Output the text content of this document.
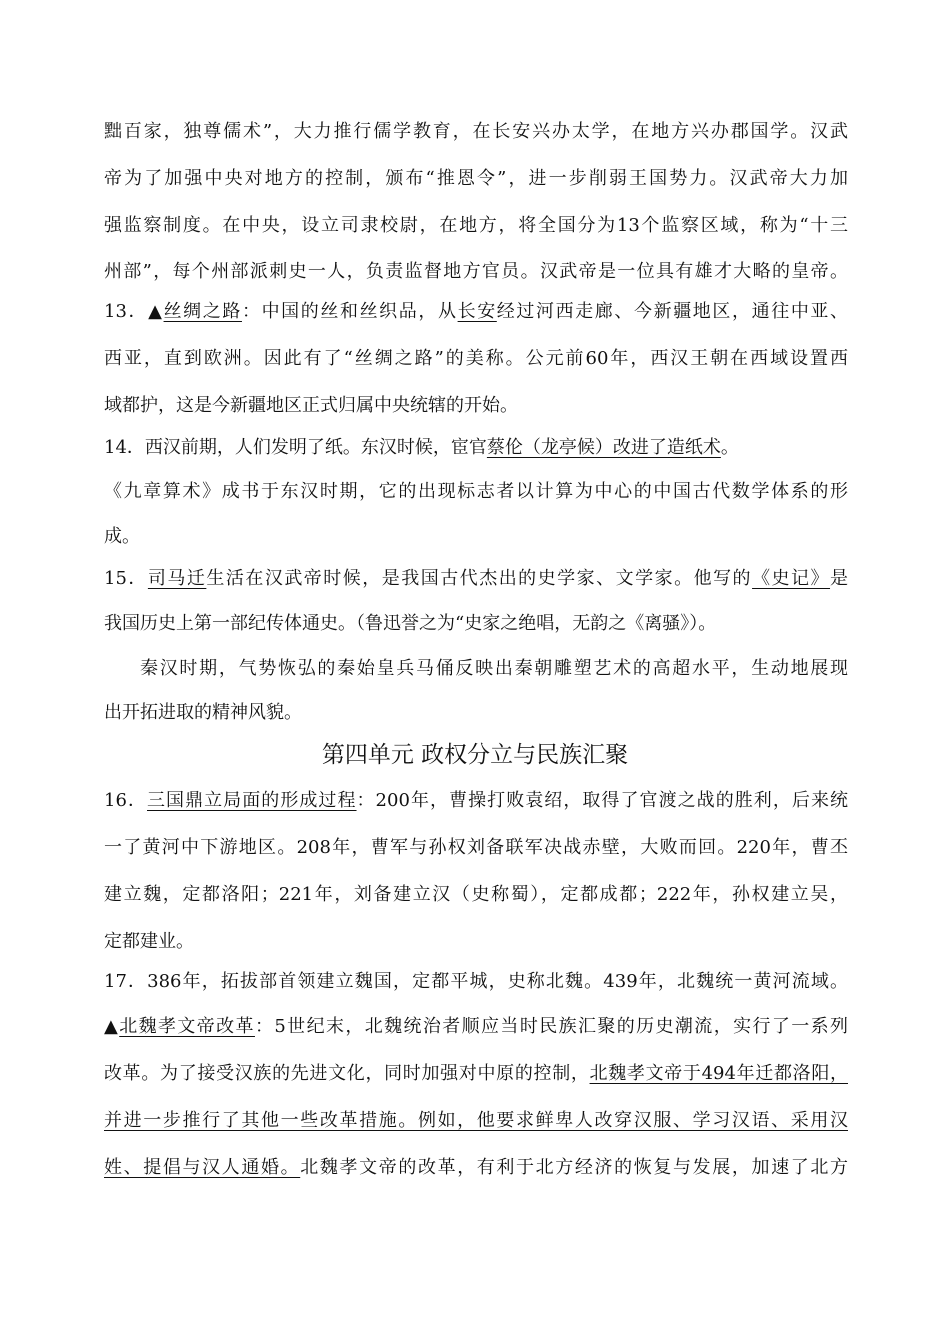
黜百家，独尊儒术”，大力推行儒学教育，在长安兴办太学，在地方兴办郡国学。汉武
帝为了加强中央对地方的控制，颁布“推恩令”，进一步削弱王国势力。汉武帝大力加
强监察制度。在中央，设立司隶校尉，在地方，将全国分为13个监察区域，称为“十三
州部”，每个州部派刺史一人，负责监督地方官员。汉武帝是一位具有雄才大略的皇帝。
13．▲丝绸之路：中国的丝和丝织品，从长安经过河西走廊、今新疆地区，通往中亚、
西亚，直到欧洲。因此有了“丝绸之路”的美称。公元前60年，西汉王朝在西域设置西
域都护，这是今新疆地区正式归属中央统辖的开始。
14．西汉前期，人们发明了纸。东汉时候，宦官蔡伦（龙亭候）改进了造纸术。
《九章算术》成书于东汉时期，它的出现标志者以计算为中心的中国古代数学体系的形
成。
15．司马迁生活在汉武帝时候，是我国古代杰出的史学家、文学家。他写的《史记》是
我国历史上第一部纪传体通史。（鲁迅誉之为“史家之绝唱，无韵之《离骚》）。
秦汉时期，气势恢弘的秦始皇兵马俑反映出秦朝雕塑艺术的高超水平，生动地展现
出开拓进取的精神风貌。
第四单元 政权分立与民族汇聚
16．三国鼎立局面的形成过程：200年，曹操打败袁绍，取得了官渡之战的胜利，后来统
一了黄河中下游地区。208年，曹军与孙权刘备联军决战赤壁，大败而回。220年，曹丕
建立魏，定都洛阳；221年，刘备建立汉（史称蜀），定都成都；222年，孙权建立吴，
定都建业。
17．386年，拓拔部首领建立魏国，定都平城，史称北魏。439年，北魏统一黄河流域。
▲北魏孝文帝改革：5世纪末，北魏统治者顺应当时民族汇聚的历史潮流，实行了一系列
改革。为了接受汉族的先进文化，同时加强对中原的控制，北魏孝文帝于494年迁都洛阳，
并进一步推行了其他一些改革措施。例如，他要求鲜卑人改穿汉服、学习汉语、采用汉
姓、提倡与汉人通婚。北魏孝文帝的改革，有利于北方经济的恢复与发展，加速了北方
